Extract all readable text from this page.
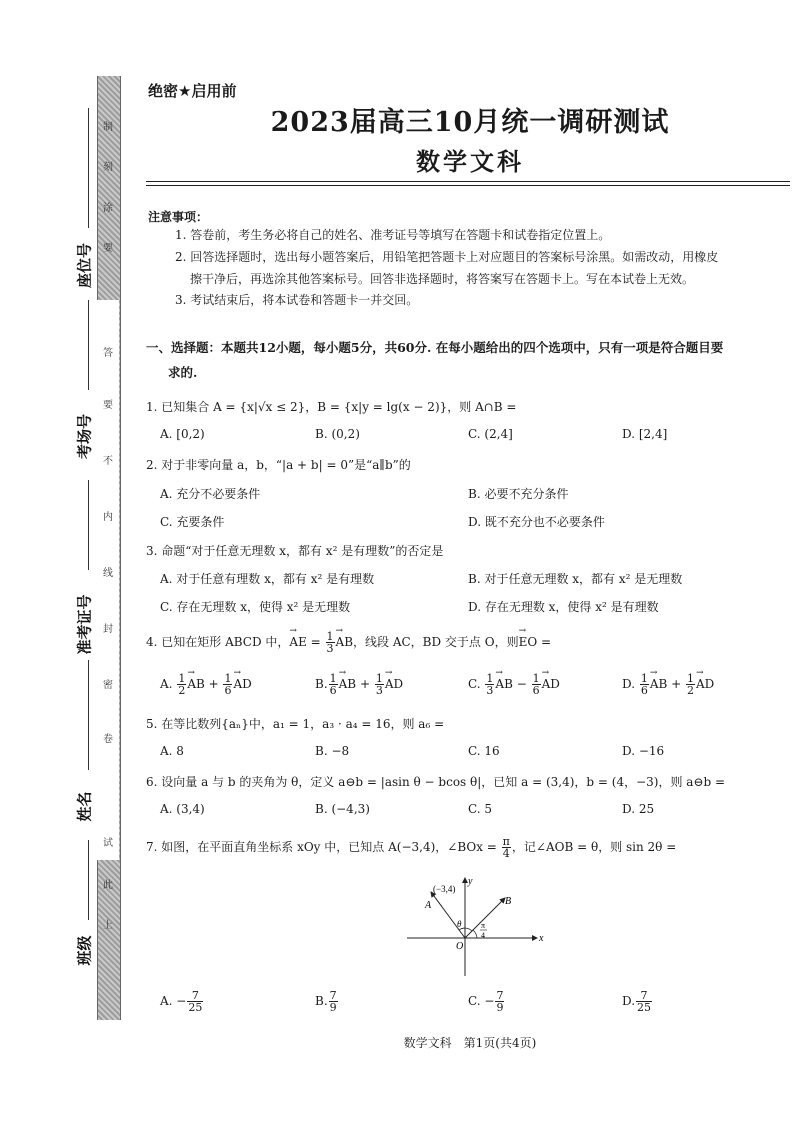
制
刻
涂
要
答
要
不
内
线
封
密
卷
试
此
上
座位号
考场号
准考证号
姓名
班级
绝密★启用前
2023届高三10月统一调研测试
数学文科
注意事项：
1. 答卷前，考生务必将自己的姓名、准考证号等填写在答题卡和试卷指定位置上。
2. 回答选择题时，选出每小题答案后，用铅笔把答题卡上对应题目的答案标号涂黑。如需改动，用橡皮
擦干净后，再选涂其他答案标号。回答非选择题时，将答案写在答题卡上。写在本试卷上无效。
3. 考试结束后，将本试卷和答题卡一并交回。
一、选择题：本题共12小题，每小题5分，共60分. 在每小题给出的四个选项中，只有一项是符合题目要
求的.
1. 已知集合 A = {x|√x ≤ 2}，B = {x|y = lg(x − 2)}，则 A∩B =
A. [0,2)	B. (0,2)	C. (2,4]	D. [2,4]
2. 对于非零向量 a，b，“|a + b| = 0”是“a∥b”的
A. 充分不必要条件	B. 必要不充分条件
C. 充要条件	D. 既不充分也不必要条件
3. 命题“对于任意无理数 x，都有 x² 是有理数”的否定是
A. 对于任意有理数 x，都有 x² 是有理数	B. 对于任意无理数 x，都有 x² 是无理数
C. 存在无理数 x，使得 x² 是无理数	D. 存在无理数 x，使得 x² 是有理数
4. 已知在矩形 ABCD 中，→ AE = $\frac{1}{3}$ → AB，线段 AC，BD 交于点 O，则→ EO =
A. $\frac{1}{2}$ → AB + $\frac{1}{6}$ → AD	B. $\frac{1}{6}$ → AB + $\frac{1}{3}$ → AD	C. $\frac{1}{3}$ → AB − $\frac{1}{6}$ → AD	D. $\frac{1}{6}$ → AB + $\frac{1}{2}$ → AD
5. 在等比数列{aₙ}中，a₁ = 1，a₃ · a₄ = 16，则 a₆ =
A. 8	B. −8	C. 16	D. −16
6. 设向量 a 与 b 的夹角为 θ，定义 a⊖b = |asin θ − bcos θ|，已知 a = (3,4)，b = (4，−3)，则 a⊖b =
A. (3,4)	B. (−4,3)	C. 5	D. 25
7. 如图，在平面直角坐标系 xOy 中，已知点 A(−3,4)，∠BOx = $\frac{\pi}{4}$ ，记∠AOB = θ，则 sin 2θ =
(−3,4)
A	B
O
x
y
θ π
4
A. − $\frac{7}{25}$	B. $\frac{7}{9}$	C. − $\frac{7}{9}$	D. $\frac{7}{25}$
数学文科　第1页(共4页)
